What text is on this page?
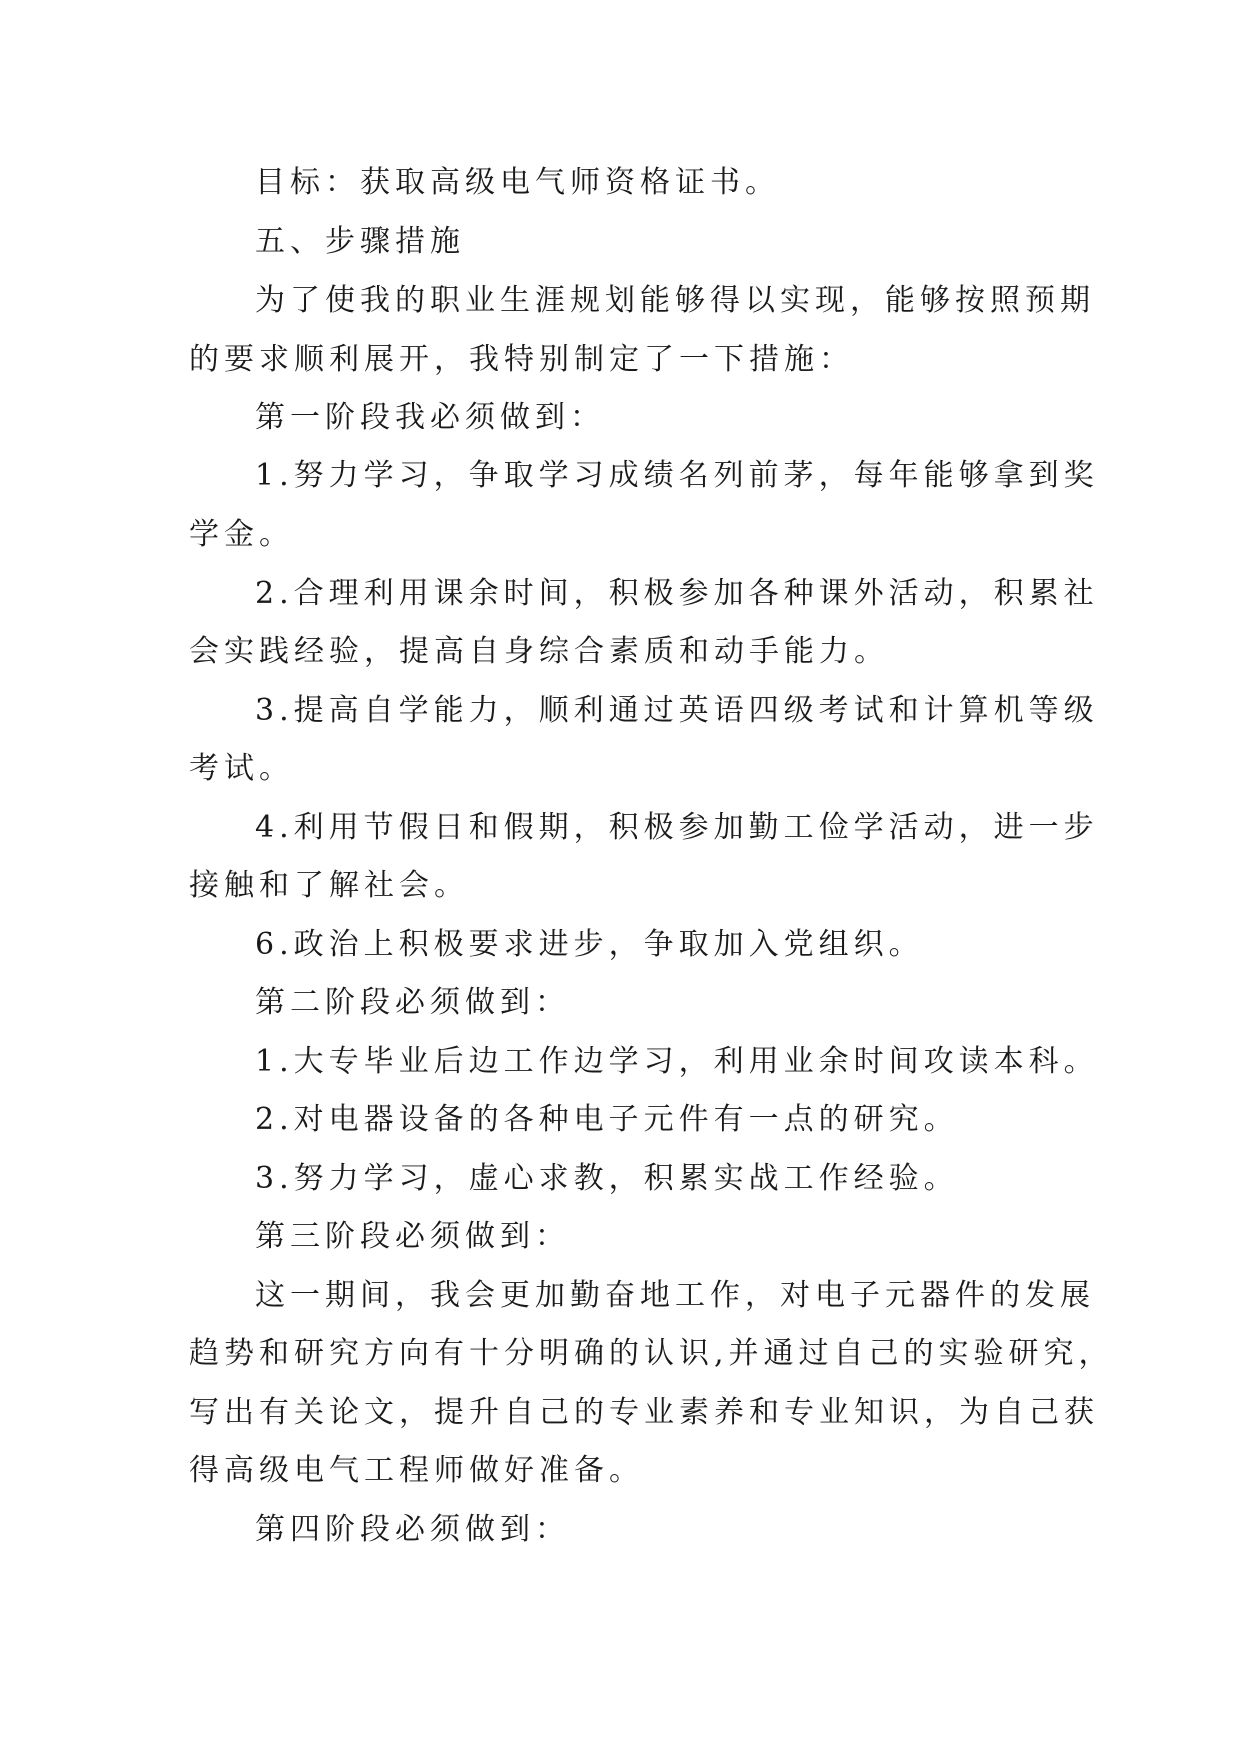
目标：获取高级电气师资格证书。
五、步骤措施
为了使我的职业生涯规划能够得以实现，能够按照预期
的要求顺利展开，我特别制定了一下措施：
第一阶段我必须做到：
1.努力学习，争取学习成绩名列前茅，每年能够拿到奖
学金。
2.合理利用课余时间，积极参加各种课外活动，积累社
会实践经验，提高自身综合素质和动手能力。
3.提高自学能力，顺利通过英语四级考试和计算机等级
考试。
4.利用节假日和假期，积极参加勤工俭学活动，进一步
接触和了解社会。
6.政治上积极要求进步，争取加入党组织。
第二阶段必须做到：
1.大专毕业后边工作边学习，利用业余时间攻读本科。
2.对电器设备的各种电子元件有一点的研究。
3.努力学习，虚心求教，积累实战工作经验。
第三阶段必须做到：
这一期间，我会更加勤奋地工作，对电子元器件的发展
趋势和研究方向有十分明确的认识,并通过自己的实验研究，
写出有关论文，提升自己的专业素养和专业知识，为自己获
得高级电气工程师做好准备。
第四阶段必须做到：
